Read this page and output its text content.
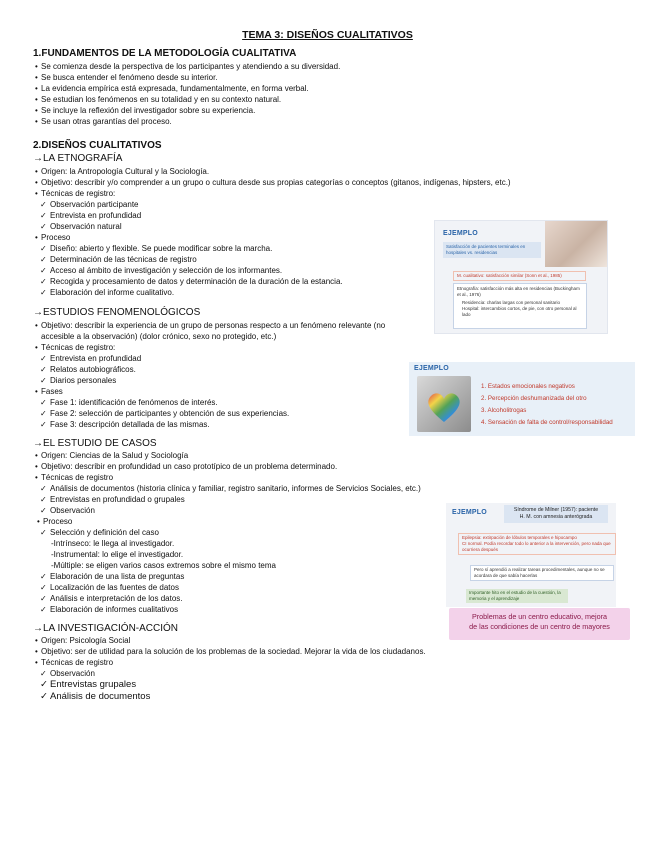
TEMA 3: DISEÑOS CUALITATIVOS
1.FUNDAMENTOS DE LA METODOLOGÍA CUALITATIVA
• Se comienza desde la perspectiva de los participantes y atendiendo a su diversidad.
• Se busca entender el fenómeno desde su interior.
• La evidencia empírica está expresada, fundamentalmente, en forma verbal.
• Se estudian los fenómenos en su totalidad y en su contexto natural.
• Se incluye la reflexión del investigador sobre su experiencia.
• Se usan otras garantías del proceso.
2.DISEÑOS CUALITATIVOS
→LA ETNOGRAFÍA
• Origen: la Antropología Cultural y la Sociología.
• Objetivo: describir y/o comprender a un grupo o cultura desde sus propias categorías o conceptos (gitanos, indígenas, hipsters, etc.)
• Técnicas de registro:
✓ Observación participante
✓ Entrevista en profundidad
✓ Observación natural
• Proceso
✓ Diseño: abierto y flexible. Se puede modificar sobre la marcha.
✓ Determinación de las técnicas de registro
✓ Acceso al ámbito de investigación y selección de los informantes.
✓ Recogida y procesamiento de datos y determinación de la duración de la estancia.
✓ Elaboración del informe cualitativo.
EJEMPLO
Satisfacción de pacientes terminales en hospitales vs. residencias
M. cualitativo: satisfacción similar (Sonn et al., 1985)
Etnografía: satisfacción más alta en residencias (Buckingham et al., 1976)
Residencia: charlas largas con personal sanitario
Hospital: intercambios cortos, de pie, con otro personal al lado
→ESTUDIOS FENOMENOLÓGICOS
• Objetivo: describir la experiencia de un grupo de personas respecto a un fenómeno relevante (no
accesible a la observación) (dolor crónico, sexo no protegido, etc.)
• Técnicas de registro:
✓ Entrevista en profundidad
✓ Relatos autobiográficos.
✓ Diarios personales
• Fases
✓ Fase 1: identificación de fenómenos de interés.
✓ Fase 2: selección de participantes y obtención de sus experiencias.
✓ Fase 3: descripción detallada de las mismas.
EJEMPLO
1. Estados emocionales negativos
2. Percepción deshumanizada del otro
3. Alcoholitrogas
4. Sensación de falta de control/responsabilidad
→EL ESTUDIO DE CASOS
• Origen: Ciencias de la Salud y Sociología
• Objetivo: describir en profundidad un caso prototípico de un problema determinado.
• Técnicas de registro
✓ Análisis de documentos (historia clínica y familiar, registro sanitario, informes de Servicios Sociales, etc.)
✓ Entrevistas en profundidad o grupales
✓ Observación
• Proceso
✓ Selección y definición del caso
-Intrínseco: le llega al investigador.
-Instrumental: lo elige el investigador.
-Múltiple: se eligen varios casos extremos sobre el mismo tema
✓ Elaboración de una lista de preguntas
✓ Localización de las fuentes de datos
✓ Análisis e interpretación de los datos.
✓ Elaboración de informes cualitativos
EJEMPLO	Síndrome de Milner (1957): paciente
H. M. con amnesia anterógrada
Epilepsia: extirpación de lóbulos temporales e hipocampo
CI normal. Podía recordar todo lo anterior a la intervención, pero nada que ocurriera después
Pero sí aprendió a realizar tareas procedimentales, aunque no se acordara de que sabía hacerlas
Importante hito en el estudio de la cuestión, la memoria y el aprendizaje
Problemas de un centro educativo, mejora
de las condiciones de un centro de mayores
→LA INVESTIGACIÓN-ACCIÓN
• Origen: Psicología Social
• Objetivo: ser de utilidad para la solución de los problemas de la sociedad. Mejorar la vida de los ciudadanos.
• Técnicas de registro
✓ Observación
✓ Entrevistas grupales
✓ Análisis de documentos
